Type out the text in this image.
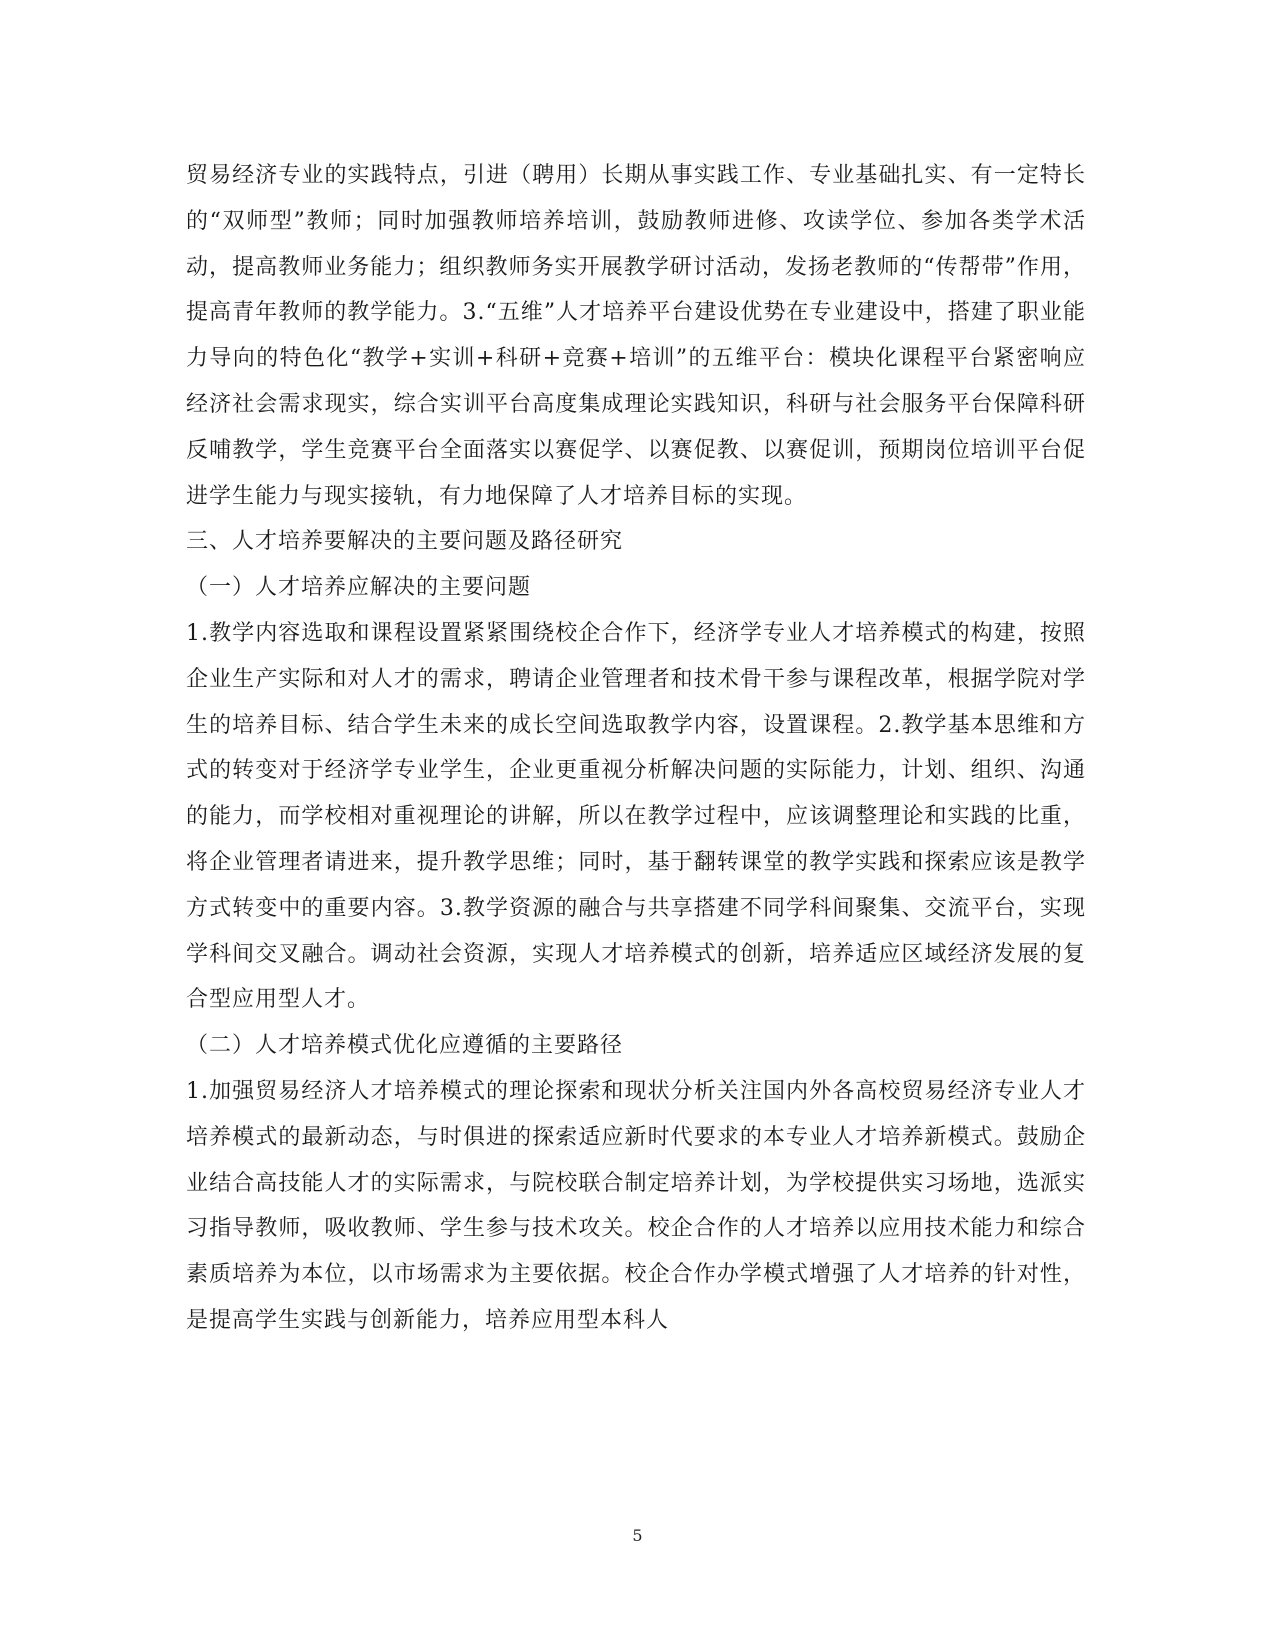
贸易经济专业的实践特点，引进（聘用）长期从事实践工作、专业基础扎实、有一定特长的“双师型”教师；同时加强教师培养培训，鼓励教师进修、攻读学位、参加各类学术活动，提高教师业务能力；组织教师务实开展教学研讨活动，发扬老教师的“传帮带”作用，提高青年教师的教学能力。3.“五维”人才培养平台建设优势在专业建设中，搭建了职业能力导向的特色化“教学+实训+科研+竞赛+培训”的五维平台：模块化课程平台紧密响应经济社会需求现实，综合实训平台高度集成理论实践知识，科研与社会服务平台保障科研反哺教学，学生竞赛平台全面落实以赛促学、以赛促教、以赛促训，预期岗位培训平台促进学生能力与现实接轨，有力地保障了人才培养目标的实现。

三、人才培养要解决的主要问题及路径研究

（一）人才培养应解决的主要问题

1.教学内容选取和课程设置紧紧围绕校企合作下，经济学专业人才培养模式的构建，按照企业生产实际和对人才的需求，聘请企业管理者和技术骨干参与课程改革，根据学院对学生的培养目标、结合学生未来的成长空间选取教学内容，设置课程。2.教学基本思维和方式的转变对于经济学专业学生，企业更重视分析解决问题的实际能力，计划、组织、沟通的能力，而学校相对重视理论的讲解，所以在教学过程中，应该调整理论和实践的比重，将企业管理者请进来，提升教学思维；同时，基于翻转课堂的教学实践和探索应该是教学方式转变中的重要内容。3.教学资源的融合与共享搭建不同学科间聚集、交流平台，实现学科间交叉融合。调动社会资源，实现人才培养模式的创新，培养适应区域经济发展的复合型应用型人才。

（二）人才培养模式优化应遵循的主要路径

1.加强贸易经济人才培养模式的理论探索和现状分析关注国内外各高校贸易经济专业人才培养模式的最新动态，与时俱进的探索适应新时代要求的本专业人才培养新模式。鼓励企业结合高技能人才的实际需求，与院校联合制定培养计划，为学校提供实习场地，选派实习指导教师，吸收教师、学生参与技术攻关。校企合作的人才培养以应用技术能力和综合素质培养为本位，以市场需求为主要依据。校企合作办学模式增强了人才培养的针对性，是提高学生实践与创新能力，培养应用型本科人

5
